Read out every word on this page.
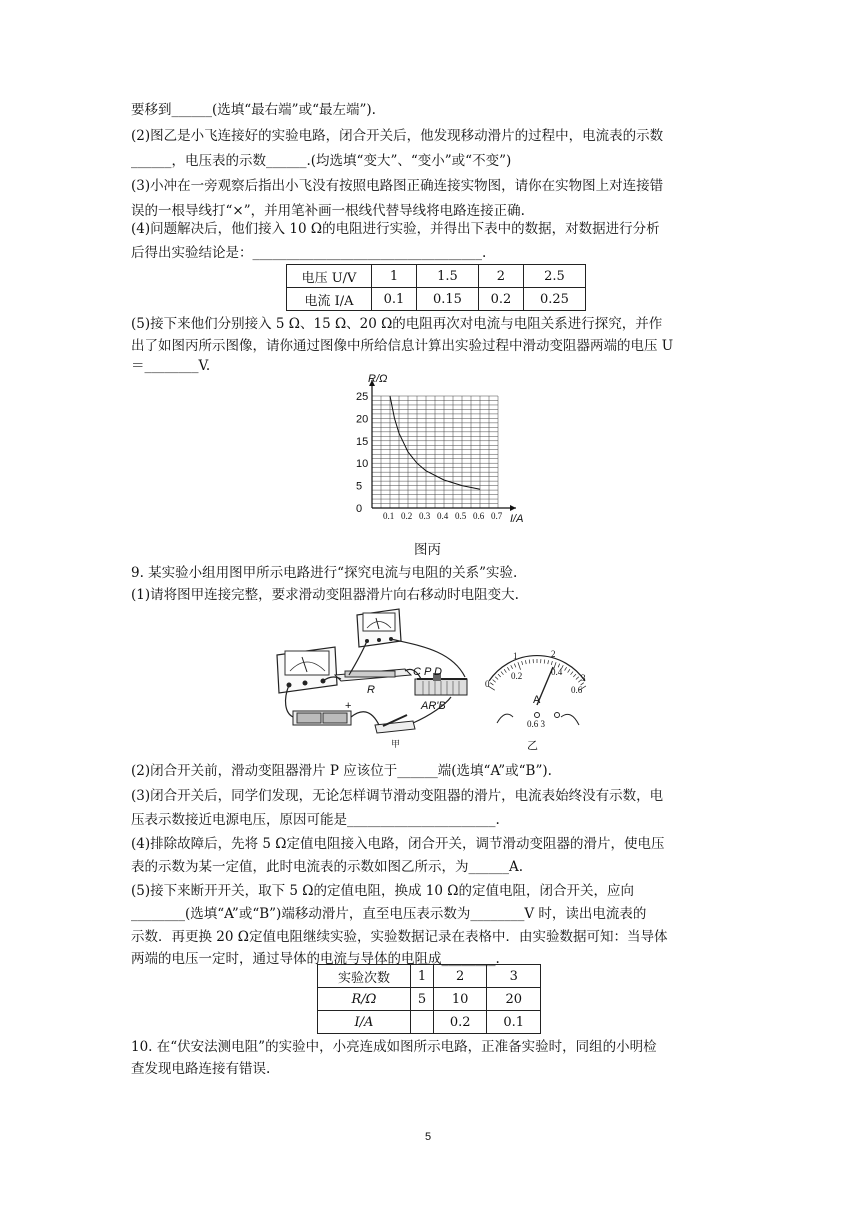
要移到______(选填“最右端”或“最左端”).
(2)图乙是小飞连接好的实验电路，闭合开关后，他发现移动滑片的过程中，电流表的示数
______，电压表的示数______.(均选填“变大”、“变小”或“不变”)
(3)小冲在一旁观察后指出小飞没有按照电路图正确连接实物图，请你在实物图上对连接错
误的一根导线打“×”，并用笔补画一根线代替导线将电路连接正确.
(4)问题解决后，他们接入 10 Ω的电阻进行实验，并得出下表中的数据，对数据进行分析
后得出实验结论是：__________________________________.
电压 U/V	1	1.5	2	2.5
电流 I/A	0.1	0.15	0.2	0.25
(5)接下来他们分别接入 5 Ω、15 Ω、20 Ω的电阻再次对电流与电阻关系进行探究，并作
出了如图丙所示图像，请你通过图像中所给信息计算出实验过程中滑动变阻器两端的电压 U
＝________V.
0.1 0.2 0.3 0.4 0.5 0.6 0.7
0
5
10
15
20
25
R/Ω
I/A
图丙
9. 某实验小组用图甲所示电路进行“探究电流与电阻的关系”实验.
(1)请将图甲连接完整，要求滑动变阻器滑片向右移动时电阻变大.
R
C P D
AR'B
+
甲
0
1	2
3
0.2	0.4
0.6
A
0.6 3
乙
(2)闭合开关前，滑动变阻器滑片 P 应该位于______端(选填“A”或“B”).
(3)闭合开关后，同学们发现，无论怎样调节滑动变阻器的滑片，电流表始终没有示数，电
压表示数接近电源电压，原因可能是______________________.
(4)排除故障后，先将 5 Ω定值电阻接入电路，闭合开关，调节滑动变阻器的滑片，使电压
表的示数为某一定值，此时电流表的示数如图乙所示，为______A.
(5)接下来断开开关，取下 5 Ω的定值电阻，换成 10 Ω的定值电阻，闭合开关，应向
________(选填“A”或“B”)端移动滑片，直至电压表示数为________V 时，读出电流表的
示数．再更换 20 Ω定值电阻继续实验，实验数据记录在表格中．由实验数据可知：当导体
两端的电压一定时，通过导体的电流与导体的电阻成________.
实验次数	1	2	3
R/Ω	5	10	20
I/A		0.2	0.1
10. 在“伏安法测电阻”的实验中，小亮连成如图所示电路，正准备实验时，同组的小明检
查发现电路连接有错误.
5
